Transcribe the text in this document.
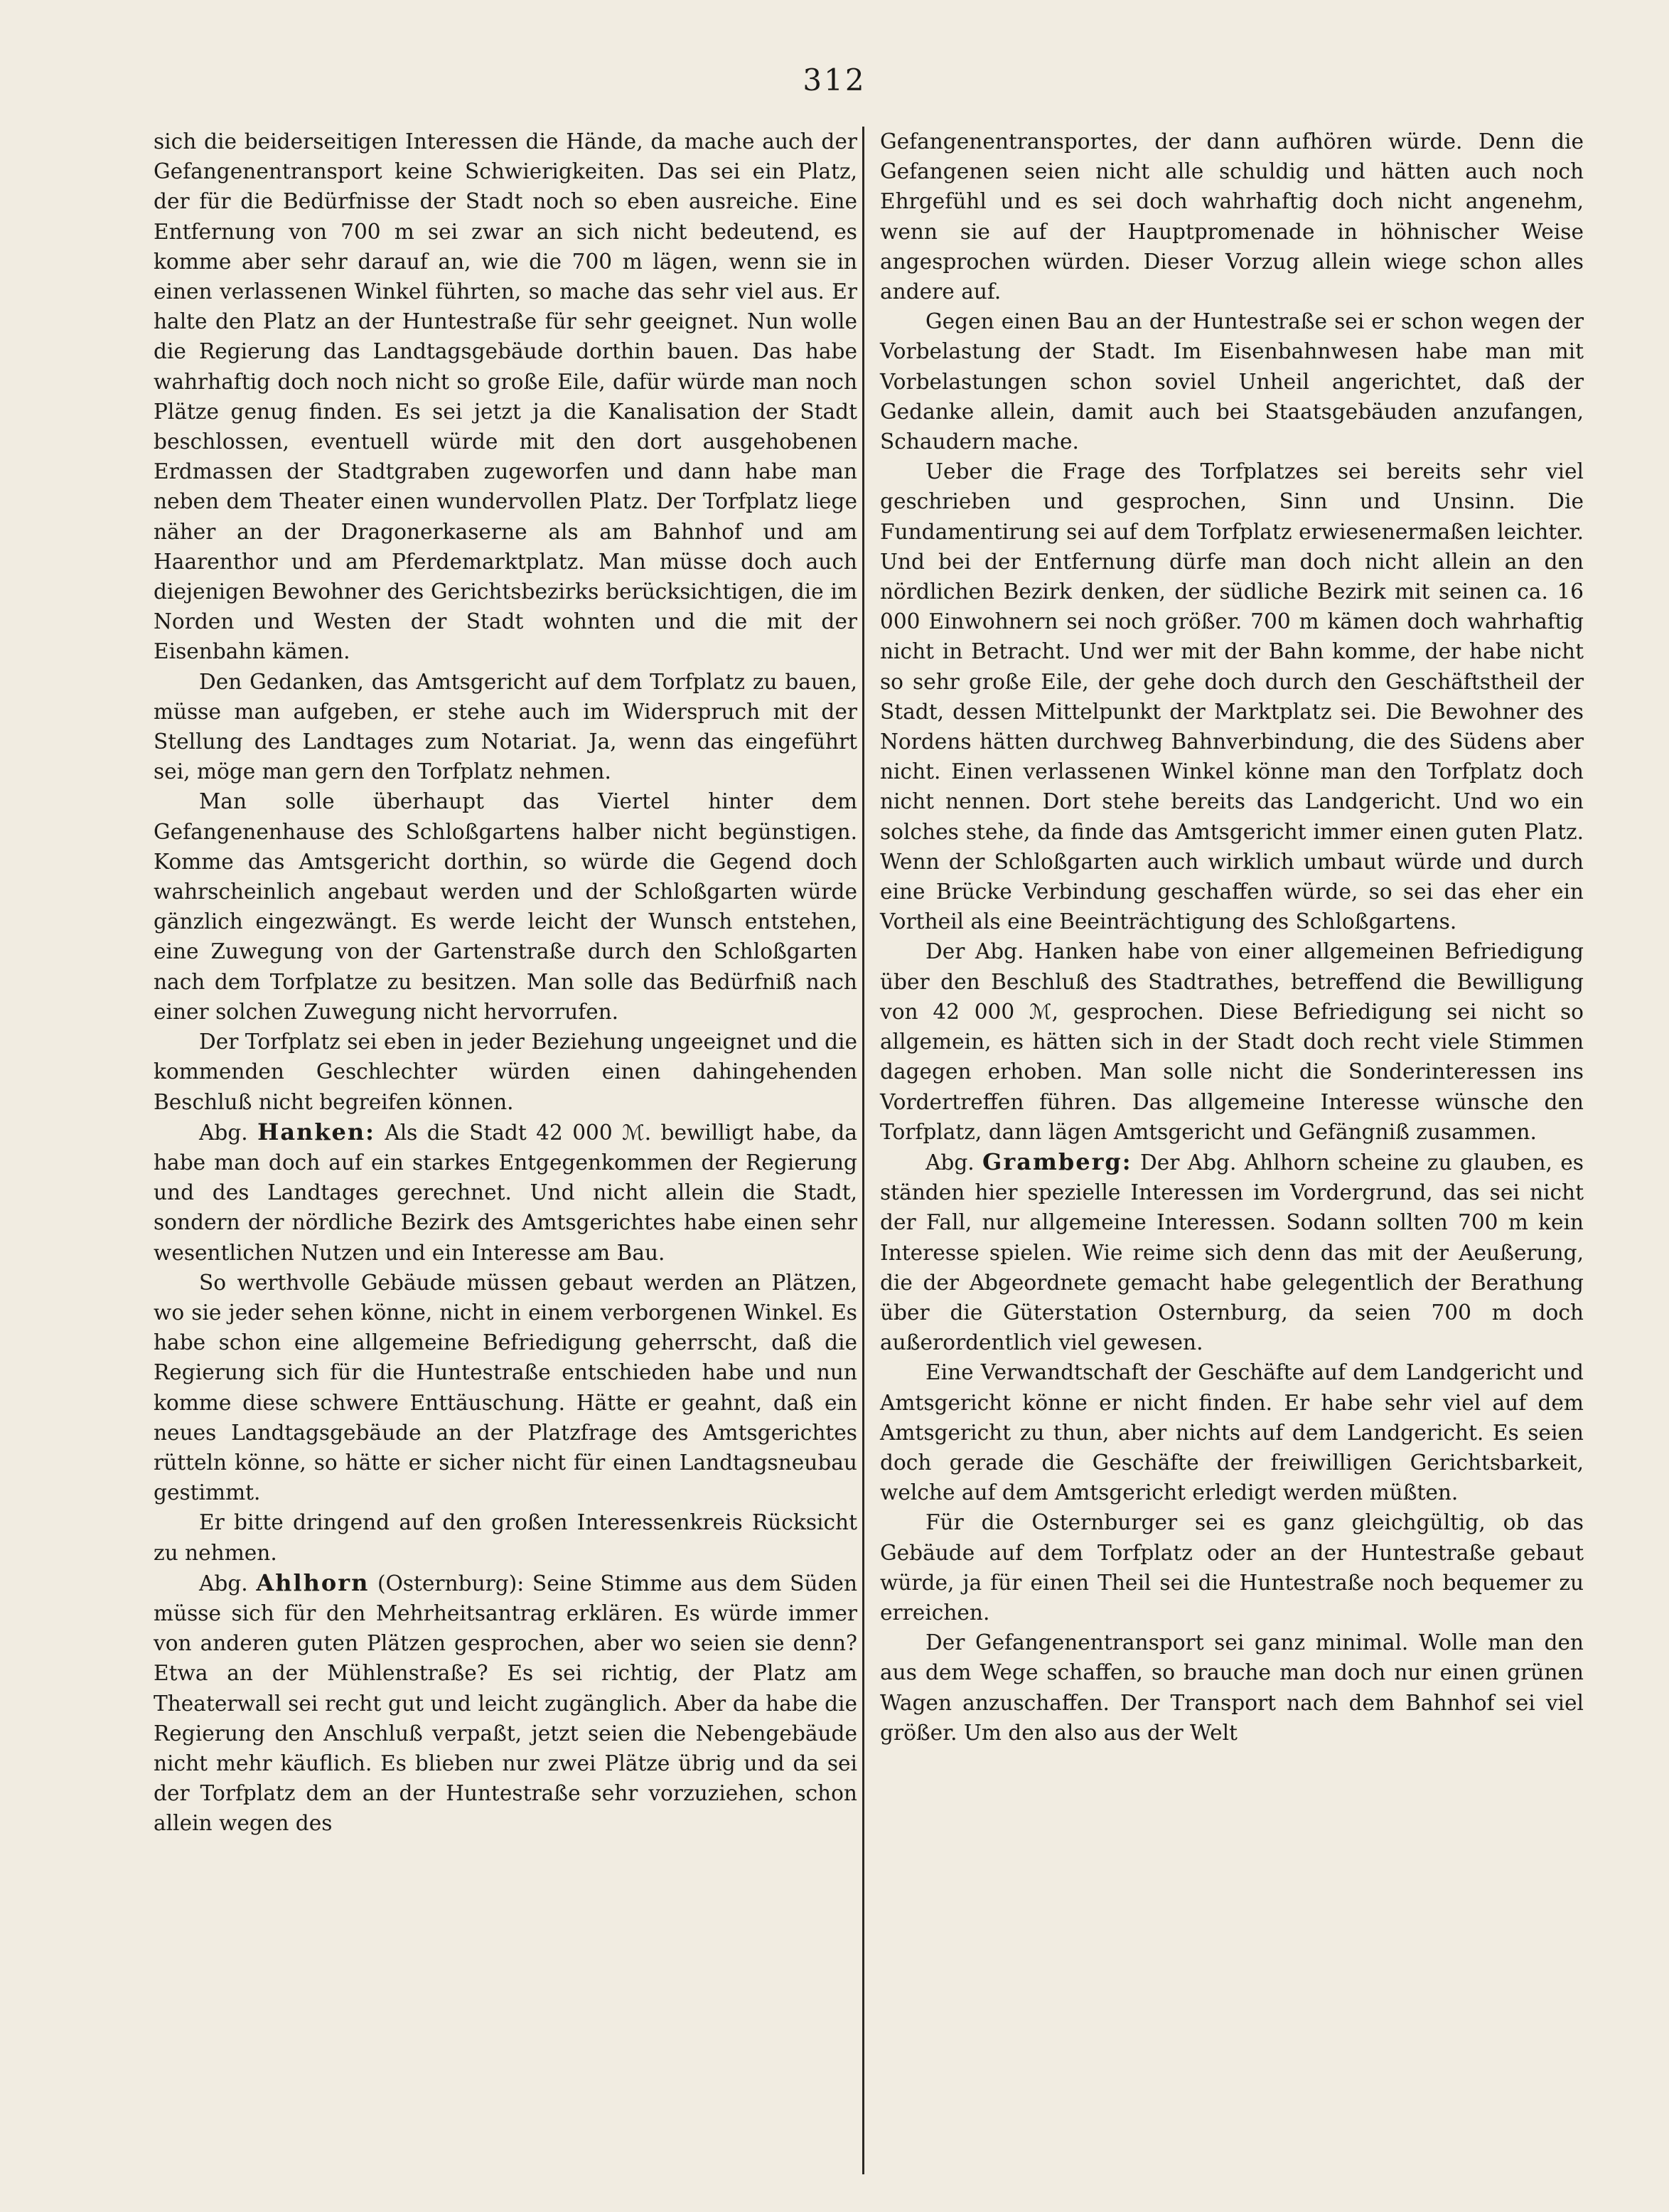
312

sich die beiderseitigen Interessen die Hände, da mache auch der Gefangenentransport keine Schwierigkeiten. Das sei ein Platz, der für die Bedürfnisse der Stadt noch so eben ausreiche. Eine Entfernung von 700 m sei zwar an sich nicht bedeutend, es komme aber sehr darauf an, wie die 700 m lägen, wenn sie in einen verlassenen Winkel führten, so mache das sehr viel aus. Er halte den Platz an der Huntestraße für sehr geeignet. Nun wolle die Regierung das Landtagsgebäude dorthin bauen. Das habe wahrhaftig doch noch nicht so große Eile, dafür würde man noch Plätze genug finden. Es sei jetzt ja die Kanalisation der Stadt beschlossen, eventuell würde mit den dort ausgehobenen Erdmassen der Stadtgraben zugeworfen und dann habe man neben dem Theater einen wundervollen Platz. Der Torfplatz liege näher an der Dragonerkaserne als am Bahnhof und am Haarenthor und am Pferdemarktplatz. Man müsse doch auch diejenigen Bewohner des Gerichtsbezirks berücksichtigen, die im Norden und Westen der Stadt wohnten und die mit der Eisenbahn kämen.

Den Gedanken, das Amtsgericht auf dem Torfplatz zu bauen, müsse man aufgeben, er stehe auch im Widerspruch mit der Stellung des Landtages zum Notariat. Ja, wenn das eingeführt sei, möge man gern den Torfplatz nehmen.

Man solle überhaupt das Viertel hinter dem Gefangenenhause des Schloßgartens halber nicht begünstigen. Komme das Amtsgericht dorthin, so würde die Gegend doch wahrscheinlich angebaut werden und der Schloßgarten würde gänzlich eingezwängt. Es werde leicht der Wunsch entstehen, eine Zuwegung von der Gartenstraße durch den Schloßgarten nach dem Torfplatze zu besitzen. Man solle das Bedürfniß nach einer solchen Zuwegung nicht hervorrufen.

Der Torfplatz sei eben in jeder Beziehung ungeeignet und die kommenden Geschlechter würden einen dahingehenden Beschluß nicht begreifen können.

Abg. Hanken: Als die Stadt 42 000 ℳ. bewilligt habe, da habe man doch auf ein starkes Entgegenkommen der Regierung und des Landtages gerechnet. Und nicht allein die Stadt, sondern der nördliche Bezirk des Amtsgerichtes habe einen sehr wesentlichen Nutzen und ein Interesse am Bau.

So werthvolle Gebäude müssen gebaut werden an Plätzen, wo sie jeder sehen könne, nicht in einem verborgenen Winkel. Es habe schon eine allgemeine Befriedigung geherrscht, daß die Regierung sich für die Huntestraße entschieden habe und nun komme diese schwere Enttäuschung. Hätte er geahnt, daß ein neues Landtagsgebäude an der Platzfrage des Amtsgerichtes rütteln könne, so hätte er sicher nicht für einen Landtagsneubau gestimmt.

Er bitte dringend auf den großen Interessenkreis Rücksicht zu nehmen.

Abg. Ahlhorn (Osternburg): Seine Stimme aus dem Süden müsse sich für den Mehrheitsantrag erklären. Es würde immer von anderen guten Plätzen gesprochen, aber wo seien sie denn? Etwa an der Mühlenstraße? Es sei richtig, der Platz am Theaterwall sei recht gut und leicht zugänglich. Aber da habe die Regierung den Anschluß verpaßt, jetzt seien die Nebengebäude nicht mehr käuflich. Es blieben nur zwei Plätze übrig und da sei der Torfplatz dem an der Huntestraße sehr vorzuziehen, schon allein wegen des

Gefangenentransportes, der dann aufhören würde. Denn die Gefangenen seien nicht alle schuldig und hätten auch noch Ehrgefühl und es sei doch wahrhaftig doch nicht angenehm, wenn sie auf der Hauptpromenade in höhnischer Weise angesprochen würden. Dieser Vorzug allein wiege schon alles andere auf.

Gegen einen Bau an der Huntestraße sei er schon wegen der Vorbelastung der Stadt. Im Eisenbahnwesen habe man mit Vorbelastungen schon soviel Unheil angerichtet, daß der Gedanke allein, damit auch bei Staatsgebäuden anzufangen, Schaudern mache.

Ueber die Frage des Torfplatzes sei bereits sehr viel geschrieben und gesprochen, Sinn und Unsinn. Die Fundamentirung sei auf dem Torfplatz erwiesenermaßen leichter. Und bei der Entfernung dürfe man doch nicht allein an den nördlichen Bezirk denken, der südliche Bezirk mit seinen ca. 16 000 Einwohnern sei noch größer. 700 m kämen doch wahrhaftig nicht in Betracht. Und wer mit der Bahn komme, der habe nicht so sehr große Eile, der gehe doch durch den Geschäftstheil der Stadt, dessen Mittelpunkt der Marktplatz sei. Die Bewohner des Nordens hätten durchweg Bahnverbindung, die des Südens aber nicht. Einen verlassenen Winkel könne man den Torfplatz doch nicht nennen. Dort stehe bereits das Landgericht. Und wo ein solches stehe, da finde das Amtsgericht immer einen guten Platz. Wenn der Schloßgarten auch wirklich umbaut würde und durch eine Brücke Verbindung geschaffen würde, so sei das eher ein Vortheil als eine Beeinträchtigung des Schloßgartens.

Der Abg. Hanken habe von einer allgemeinen Befriedigung über den Beschluß des Stadtrathes, betreffend die Bewilligung von 42 000 ℳ, gesprochen. Diese Befriedigung sei nicht so allgemein, es hätten sich in der Stadt doch recht viele Stimmen dagegen erhoben. Man solle nicht die Sonderinteressen ins Vordertreffen führen. Das allgemeine Interesse wünsche den Torfplatz, dann lägen Amtsgericht und Gefängniß zusammen.

Abg. Gramberg: Der Abg. Ahlhorn scheine zu glauben, es ständen hier spezielle Interessen im Vordergrund, das sei nicht der Fall, nur allgemeine Interessen. Sodann sollten 700 m kein Interesse spielen. Wie reime sich denn das mit der Aeußerung, die der Abgeordnete gemacht habe gelegentlich der Berathung über die Güterstation Osternburg, da seien 700 m doch außerordentlich viel gewesen.

Eine Verwandtschaft der Geschäfte auf dem Landgericht und Amtsgericht könne er nicht finden. Er habe sehr viel auf dem Amtsgericht zu thun, aber nichts auf dem Landgericht. Es seien doch gerade die Geschäfte der freiwilligen Gerichtsbarkeit, welche auf dem Amtsgericht erledigt werden müßten.

Für die Osternburger sei es ganz gleichgültig, ob das Gebäude auf dem Torfplatz oder an der Huntestraße gebaut würde, ja für einen Theil sei die Huntestraße noch bequemer zu erreichen.

Der Gefangenentransport sei ganz minimal. Wolle man den aus dem Wege schaffen, so brauche man doch nur einen grünen Wagen anzuschaffen. Der Transport nach dem Bahnhof sei viel größer. Um den also aus der Welt
